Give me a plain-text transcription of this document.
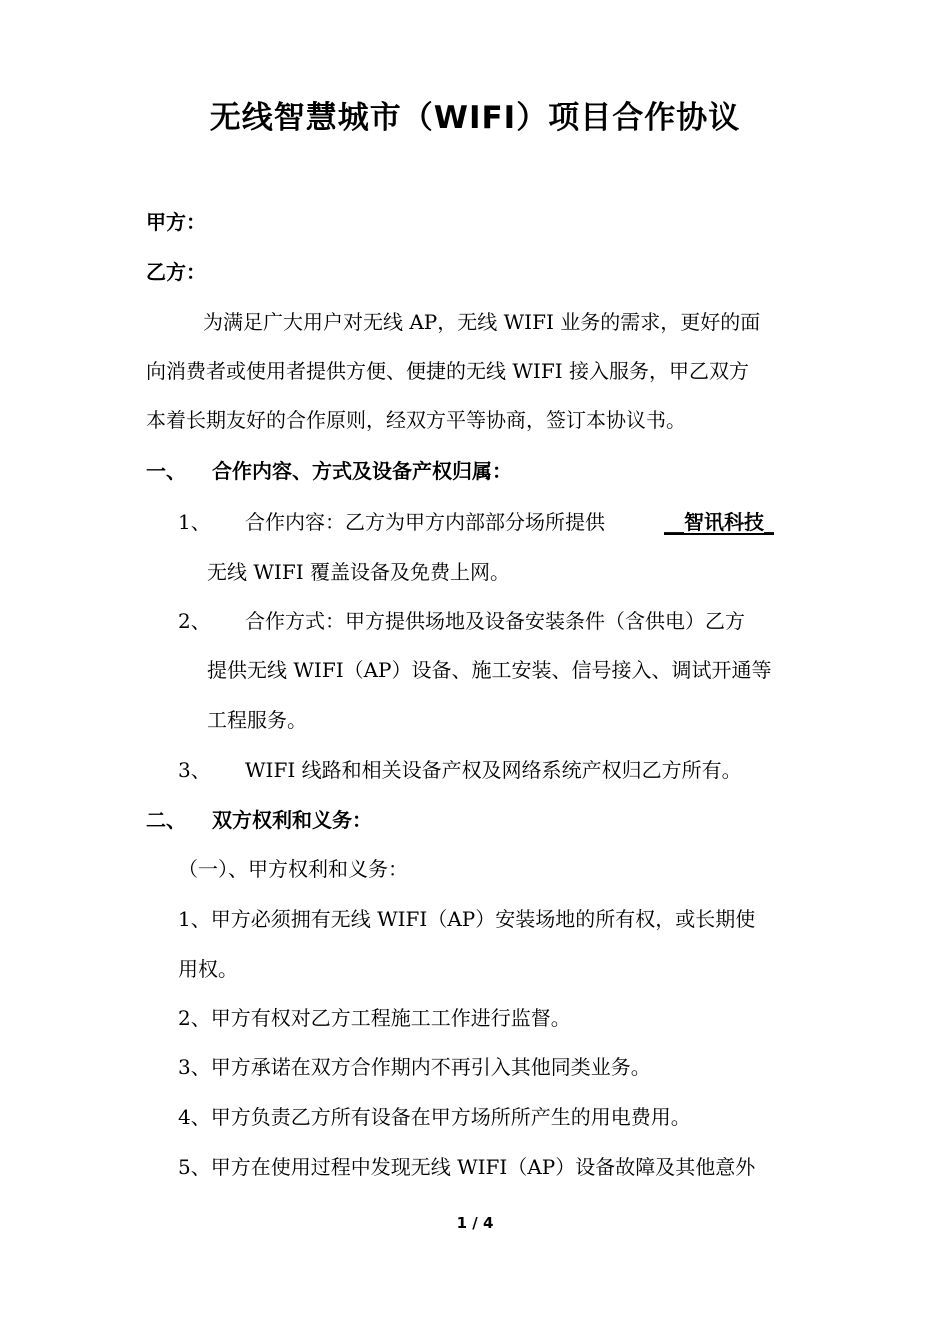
无线智慧城市（WIFI）项目合作协议
甲方：
乙方：
为满足广大用户对无线 AP，无线 WIFI 业务的需求，更好的面
向消费者或使用者提供方便、便捷的无线 WIFI 接入服务，甲乙双方
本着长期友好的合作原则，经双方平等协商，签订本协议书。
一、 合作内容、方式及设备产权归属：
1、 合作内容：乙方为甲方内部部分场所提供	__智讯科技_
无线 WIFI 覆盖设备及免费上网。
2、 合作方式：甲方提供场地及设备安装条件（含供电）乙方
提供无线 WIFI（AP）设备、施工安装、信号接入、调试开通等
工程服务。
3、 WIFI 线路和相关设备产权及网络系统产权归乙方所有。
二、 双方权利和义务：
（一）、甲方权利和义务：
1、甲方必须拥有无线 WIFI（AP）安装场地的所有权，或长期使
用权。
2、甲方有权对乙方工程施工工作进行监督。
3、甲方承诺在双方合作期内不再引入其他同类业务。
4、甲方负责乙方所有设备在甲方场所所产生的用电费用。
5、甲方在使用过程中发现无线 WIFI（AP）设备故障及其他意外
1 / 4
